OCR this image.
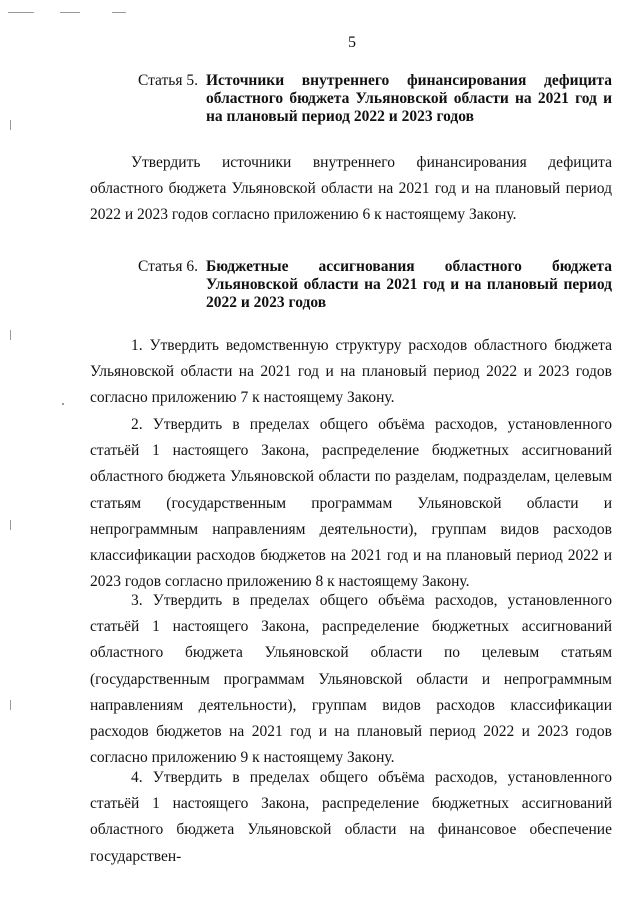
5
Статья 5. Источники внутреннего финансирования дефицита областного бюджета Ульяновской области на 2021 год и на плановый период 2022 и 2023 годов

Утвердить источники внутреннего финансирования дефицита областного бюджета Ульяновской области на 2021 год и на плановый период 2022 и 2023 годов согласно приложению 6 к настоящему Закону.

Статья 6. Бюджетные ассигнования областного бюджета Ульяновской области на 2021 год и на плановый период 2022 и 2023 годов

1. Утвердить ведомственную структуру расходов областного бюджета Ульяновской области на 2021 год и на плановый период 2022 и 2023 годов согласно приложению 7 к настоящему Закону.

2. Утвердить в пределах общего объёма расходов, установленного статьёй 1 настоящего Закона, распределение бюджетных ассигнований областного бюджета Ульяновской области по разделам, подразделам, целевым статьям (государственным программам Ульяновской области и непрограммным направлениям деятельности), группам видов расходов классификации расходов бюджетов на 2021 год и на плановый период 2022 и 2023 годов согласно приложению 8 к настоящему Закону.

3. Утвердить в пределах общего объёма расходов, установленного статьёй 1 настоящего Закона, распределение бюджетных ассигнований областного бюджета Ульяновской области по целевым статьям (государственным программам Ульяновской области и непрограммным направлениям деятельности), группам видов расходов классификации расходов бюджетов на 2021 год и на плановый период 2022 и 2023 годов согласно приложению 9 к настоящему Закону.

4. Утвердить в пределах общего объёма расходов, установленного статьёй 1 настоящего Закона, распределение бюджетных ассигнований областного бюджета Ульяновской области на финансовое обеспечение государствен-
